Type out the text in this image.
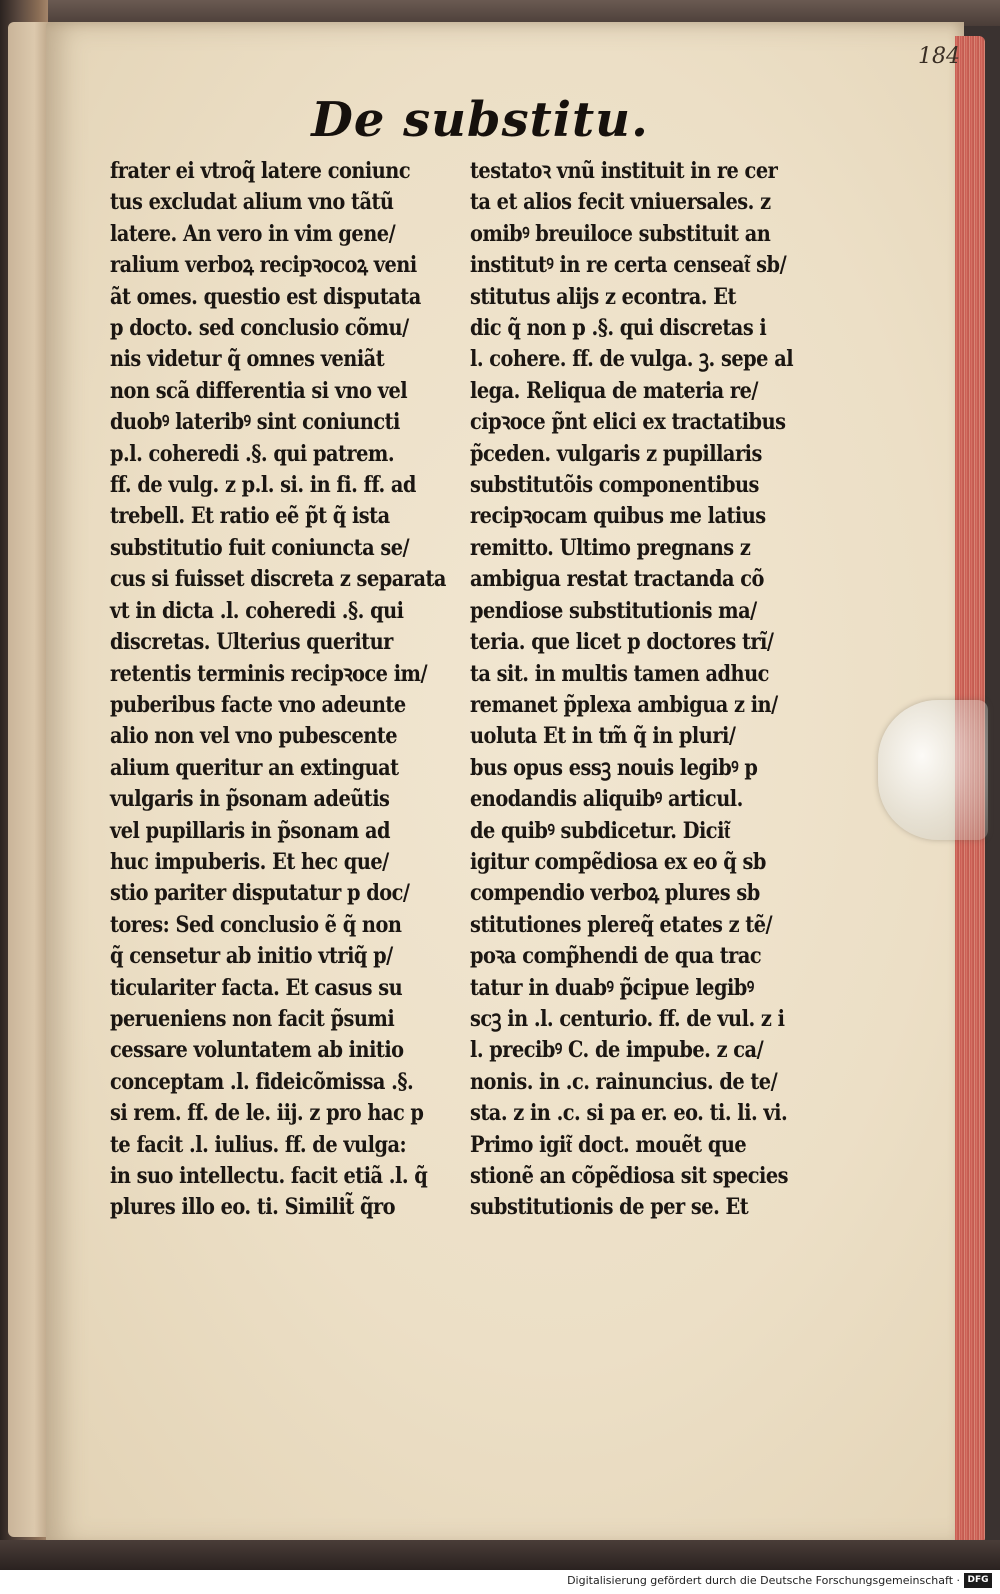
184
De substitu.
frater ei vtroq̃ latere coniunc
tus excludat alium vno tãtũ
latere. An vero in vim gene/
ralium verboꝝ recipꝛocoꝝ veni
ãt omes. questio est disputata
p docto. sed conclusio cõmu/
nis videtur q̃ omnes veniãt
non scã differentia si vno vel
duobꝰ lateribꝰ sint coniuncti
p.l. coheredi .§. qui patrem.
ff. de vulg. z p.l. si. in fi. ff. ad
trebell. Et ratio eẽ p̃t q̃ ista
substitutio fuit coniuncta se/
cus si fuisset discreta z separata
vt in dicta .l. coheredi .§. qui
discretas. Ulterius queritur
retentis terminis recipꝛoce im/
puberibus facte vno adeunte
alio non vel vno pubescente
alium queritur an extinguat
vulgaris in p̃sonam adeũtis
vel pupillaris in p̃sonam ad
huc impuberis. Et hec que/
stio pariter disputatur p doc/
tores: Sed conclusio ẽ q̃ non
q̃ censetur ab initio vtriq̃ p/
ticulariter facta. Et casus su
perueniens non facit p̃sumi
cessare voluntatem ab initio
conceptam .l. fideicõmissa .§.
si rem. ff. de le. iij. z pro hac p
te facit .l. iulius. ff. de vulga:
in suo intellectu. facit etiã .l. q̃
plures illo eo. ti. Similit̃ q̃ro
testatoꝛ vnũ instituit in re cer
ta et alios fecit vniuersales. z
omibꝰ breuiloce substituit an
institutꝰ in re certa censeat͂ sb/
stitutus alijs z econtra. Et
dic q̃ non p .§. qui discretas i
l. cohere. ff. de vulga. ꝫ. sepe al
lega. Reliqua de materia re/
cipꝛoce p̃nt elici ex tractatibus
p̃ceden. vulgaris z pupillaris
substitutõis componentibus
recipꝛocam quibus me latius
remitto. Ultimo pregnans z
ambigua restat tractanda cõ
pendiose substitutionis ma/
teria. que licet p doctores trĩ/
ta sit. in multis tamen adhuc
remanet p̃plexa ambigua z in/
uoluta Et in tm̃ q̃ in pluri/
bus opus essꝫ nouis legibꝰ p
enodandis aliquibꝰ articul.
de quibꝰ subdicetur. Dicit͂
igitur compẽdiosa ex eo q̃ sb
compendio verboꝝ plures sb
stitutiones plereq̃ etates z tẽ/
poꝛa comp̃hendi de qua trac
tatur in duabꝰ p̃cipue legibꝰ
scꝫ in .l. centurio. ff. de vul. z i
l. precibꝰ C. de impube. z ca/
nonis. in .c. rainuncius. de te/
sta. z in .c. si pa er. eo. ti. li. vi.
Primo igit͂ doct. mouẽt que
stionẽ an cõpẽdiosa sit species
substitutionis de per se. Et
Digitalisierung gefördert durch die Deutsche Forschungsgemeinschaft · DFG
